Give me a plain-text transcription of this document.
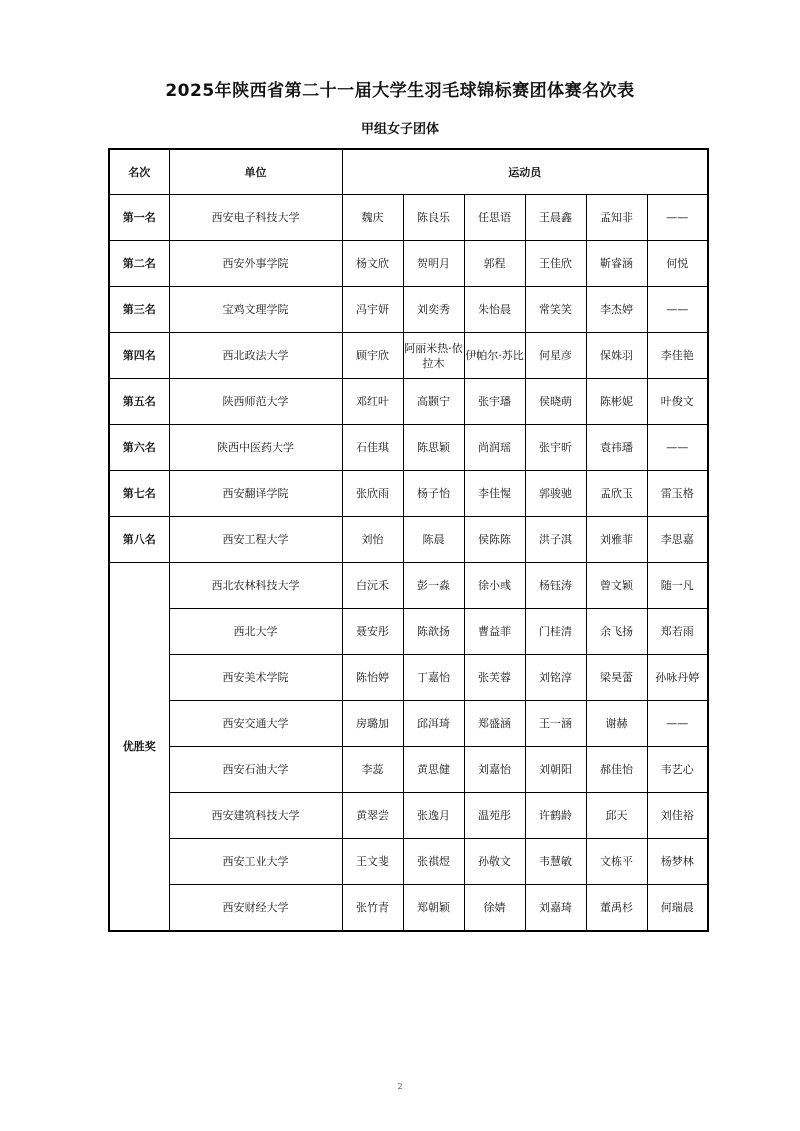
2025年陕西省第二十一届大学生羽毛球锦标赛团体赛名次表
甲组女子团体
名次	单位	运动员					
第一名	西安电子科技大学	魏庆	陈良乐	任思语	王晨鑫	孟知非	——
第二名	西安外事学院	杨文欣	贺明月	郭程	王佳欣	靳睿涵	何悦
第三名	宝鸡文理学院	冯宇妍	刘奕秀	朱怡晨	常笑笑	李杰婷	——
第四名	西北政法大学	顾宇欣	阿丽米热·依拉木	伊帕尔·苏比	何星彦	保姝羽	李佳艳
第五名	陕西师范大学	邓红叶	高颢宁	张宇璠	侯晓萌	陈彬妮	叶俊文
第六名	陕西中医药大学	石佳琪	陈思颖	尚润瑶	张宇昕	袁祎璠	——
第七名	西安翻译学院	张欣雨	杨子怡	李佳惺	郭骏驰	孟欣玉	雷玉格
第八名	西安工程大学	刘怡	陈晨	侯陈陈	洪子淇	刘雅菲	李思嘉
优胜奖	西北农林科技大学	白沅禾	彭一淼	徐小彧	杨钰涛	曾文颖	随一凡
	西北大学	聂安彤	陈歆扬	曹益菲	门桂清	余飞扬	郑若雨
	西安美术学院	陈怡婷	丁嘉怡	张芙蓉	刘铭淳	梁昊蕾	孙咏丹婷
	西安交通大学	房璐加	邱洱琦	郑盛涵	王一涵	谢赫	——
	西安石油大学	李蕊	黄思健	刘嘉怡	刘朝阳	郝佳怡	韦艺心
	西安建筑科技大学	黄翠尝	张逸月	温苑彤	许鹤龄	邱天	刘佳裕
	西安工业大学	王文斐	张祺煜	孙敬文	韦慧敏	文栋平	杨梦林
	西安财经大学	张竹青	郑朝颖	徐婧	刘嘉琦	董禹杉	何瑞晨
2
